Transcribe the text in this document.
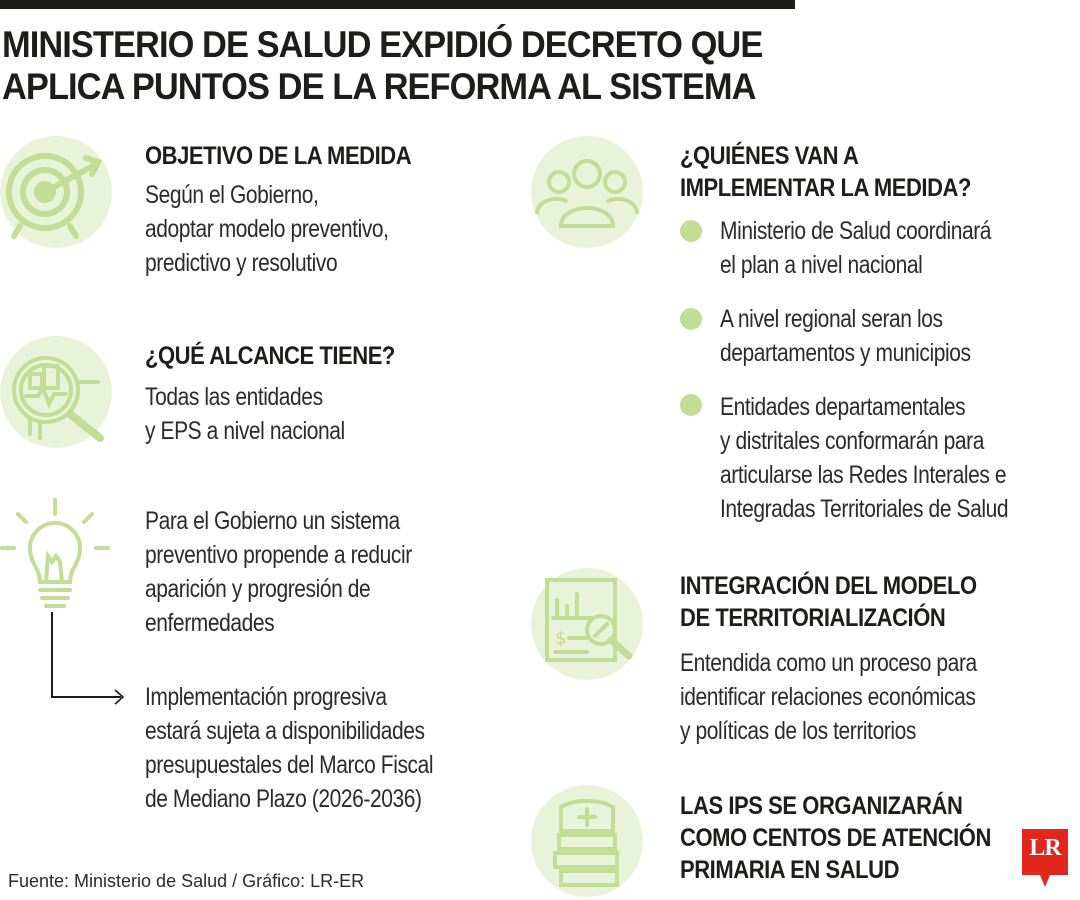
MINISTERIO DE SALUD EXPIDIÓ DECRETO QUE
APLICA PUNTOS DE LA REFORMA AL SISTEMA
OBJETIVO DE LA MEDIDA
Según el Gobierno,
adoptar modelo preventivo,
predictivo y resolutivo
¿QUÉ ALCANCE TIENE?
Todas las entidades
y EPS a nivel nacional
Para el Gobierno un sistema
preventivo propende a reducir
aparición y progresión de
enfermedades
Implementación progresiva
estará sujeta a disponibilidades
presupuestales del Marco Fiscal
de Mediano Plazo (2026-2036)
¿QUIÉNES VAN A
IMPLEMENTAR LA MEDIDA?
Ministerio de Salud coordinará
el plan a nivel nacional
A nivel regional seran los
departamentos y municipios
Entidades departamentales
y distritales conformarán para
articularse las Redes Interales e
Integradas Territoriales de Salud
$
INTEGRACIÓN DEL MODELO
DE TERRITORIALIZACIÓN
Entendida como un proceso para
identificar relaciones económicas
y políticas de los territorios
LAS IPS SE ORGANIZARÁN
COMO CENTOS DE ATENCIÓN
PRIMARIA EN SALUD
Fuente: Ministerio de Salud / Gráfico: LR-ER
LR
